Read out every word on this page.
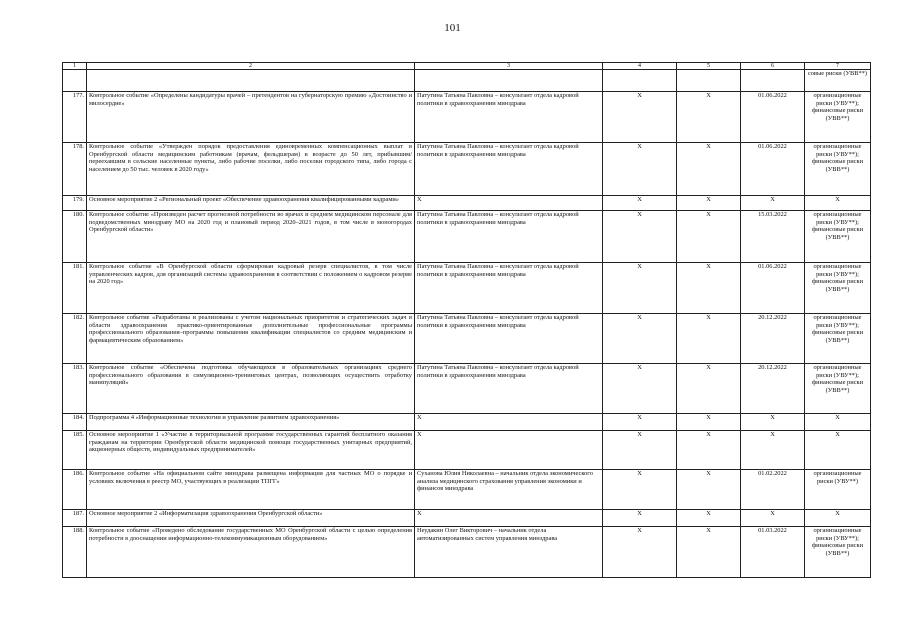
101
1	2	3	4	5	6	7
						совые риски (УВВ**)
177.	Контрольное событие «Определены кандидатуры врачей – претендентов на губернаторскую премию «Достоинство и милосердие»	Патутина Татьяна Павловна – консультант отдела кадровой политики в здравоохранении минздрава	X	X	01.06.2022	организационные риски (УВУ**); финансовые риски (УВВ**)
178.	Контрольное событие «Утвержден порядок предоставления единовременных компенсационных выплат в Оренбургской области медицинским работникам (врачам, фельдшерам) в возрасте до 50 лет, прибывшим/переехавшим в сельские населенные пункты, либо рабочие поселки, либо поселки городского типа, либо города с населением до 50 тыс. человек в 2020 году»	Патутина Татьяна Павловна – консультант отдела кадровой политики в здравоохранении минздрава	X	X	01.06.2022	организационные риски (УВУ**); финансовые риски (УВВ**)
179.	Основное мероприятие 2 «Региональный проект «Обеспечение здравоохранения квалифицированными кадрами»	X	X	X	X	X
180.	Контрольное событие «Произведен расчет прогнозной потребности во врачах и среднем медицинском персонале для подведомственных минздраву МО на 2020 год и плановый период 2020–2021 годов, в том числе в моногородах Оренбургской области»	Патутина Татьяна Павловна – консультант отдела кадровой политики в здравоохранении минздрава	X	X	15.03.2022	организационные риски (УВУ**); финансовые риски (УВВ**)
181.	Контрольное событие «В Оренбургской области сформирован кадровый резерв специалистов, в том числе управленческих кадров, для организаций системы здравоохранения в соответствии с положением о кадровом резерве на 2020 год»	Патутина Татьяна Павловна – консультант отдела кадровой политики в здравоохранении минздрава	X	X	01.06.2022	организационные риски (УВУ**); финансовые риски (УВВ**)
182.	Контрольное событие «Разработаны и реализованы с учетом национальных приоритетов и стратегических задач в области здравоохранения практико-ориентированные дополнительные профессиональные программы профессионального образования–программы повышения квалификации специалистов со средним медицинским и фармацевтическим образованием»	Патутина Татьяна Павловна – консультант отдела кадровой политики в здравоохранении минздрава	X	X	20.12.2022	организационные риски (УВУ**); финансовые риски (УВВ**)
183.	Контрольное событие «Обеспечена подготовка обучающихся в образовательных организациях среднего профессионального образования в симуляционно-тренинговых центрах, позволяющих осуществить отработку манипуляций»	Патутина Татьяна Павловна – консультант отдела кадровой политики в здравоохранении минздрава	X	X	20.12.2022	организационные риски (УВУ**); финансовые риски (УВВ**)
184.	Подпрограмма 4 «Информационные технологии и управление развитием здравоохранения»	X	X	X	X	X
185.	Основное мероприятие 1 «Участие в территориальной программе государственных гарантий бесплатного оказания гражданам на территории Оренбургской области медицинской помощи государственных унитарных предприятий, акционерных обществ, индивидуальных предпринимателей»	X	X	X	X	X
186.	Контрольное событие «На официальном сайте минздрава размещена информация для частных МО о порядке и условиях включения в реестр МО, участвующих в реализации ТПГГ»	Суханова Юлия Николаевна – начальник отдела экономического анализа медицинского страхования управления экономики и финансов минздрава	X	X	01.02.2022	организационные риски (УВУ**)
187.	Основное мероприятие 2 «Информатизация здравоохранения Оренбургской области»	X	X	X	X	X
188.	Контрольное событие «Проведено обследование государственных МО Оренбургской области с целью определения потребности в дооснащении информационно-телекоммуникационным оборудованием»	Неудакин Олег Викторович – начальник отдела автоматизированных систем управления минздрава	X	X	01.03.2022	организационные риски (УВУ**); финансовые риски (УВВ**)
